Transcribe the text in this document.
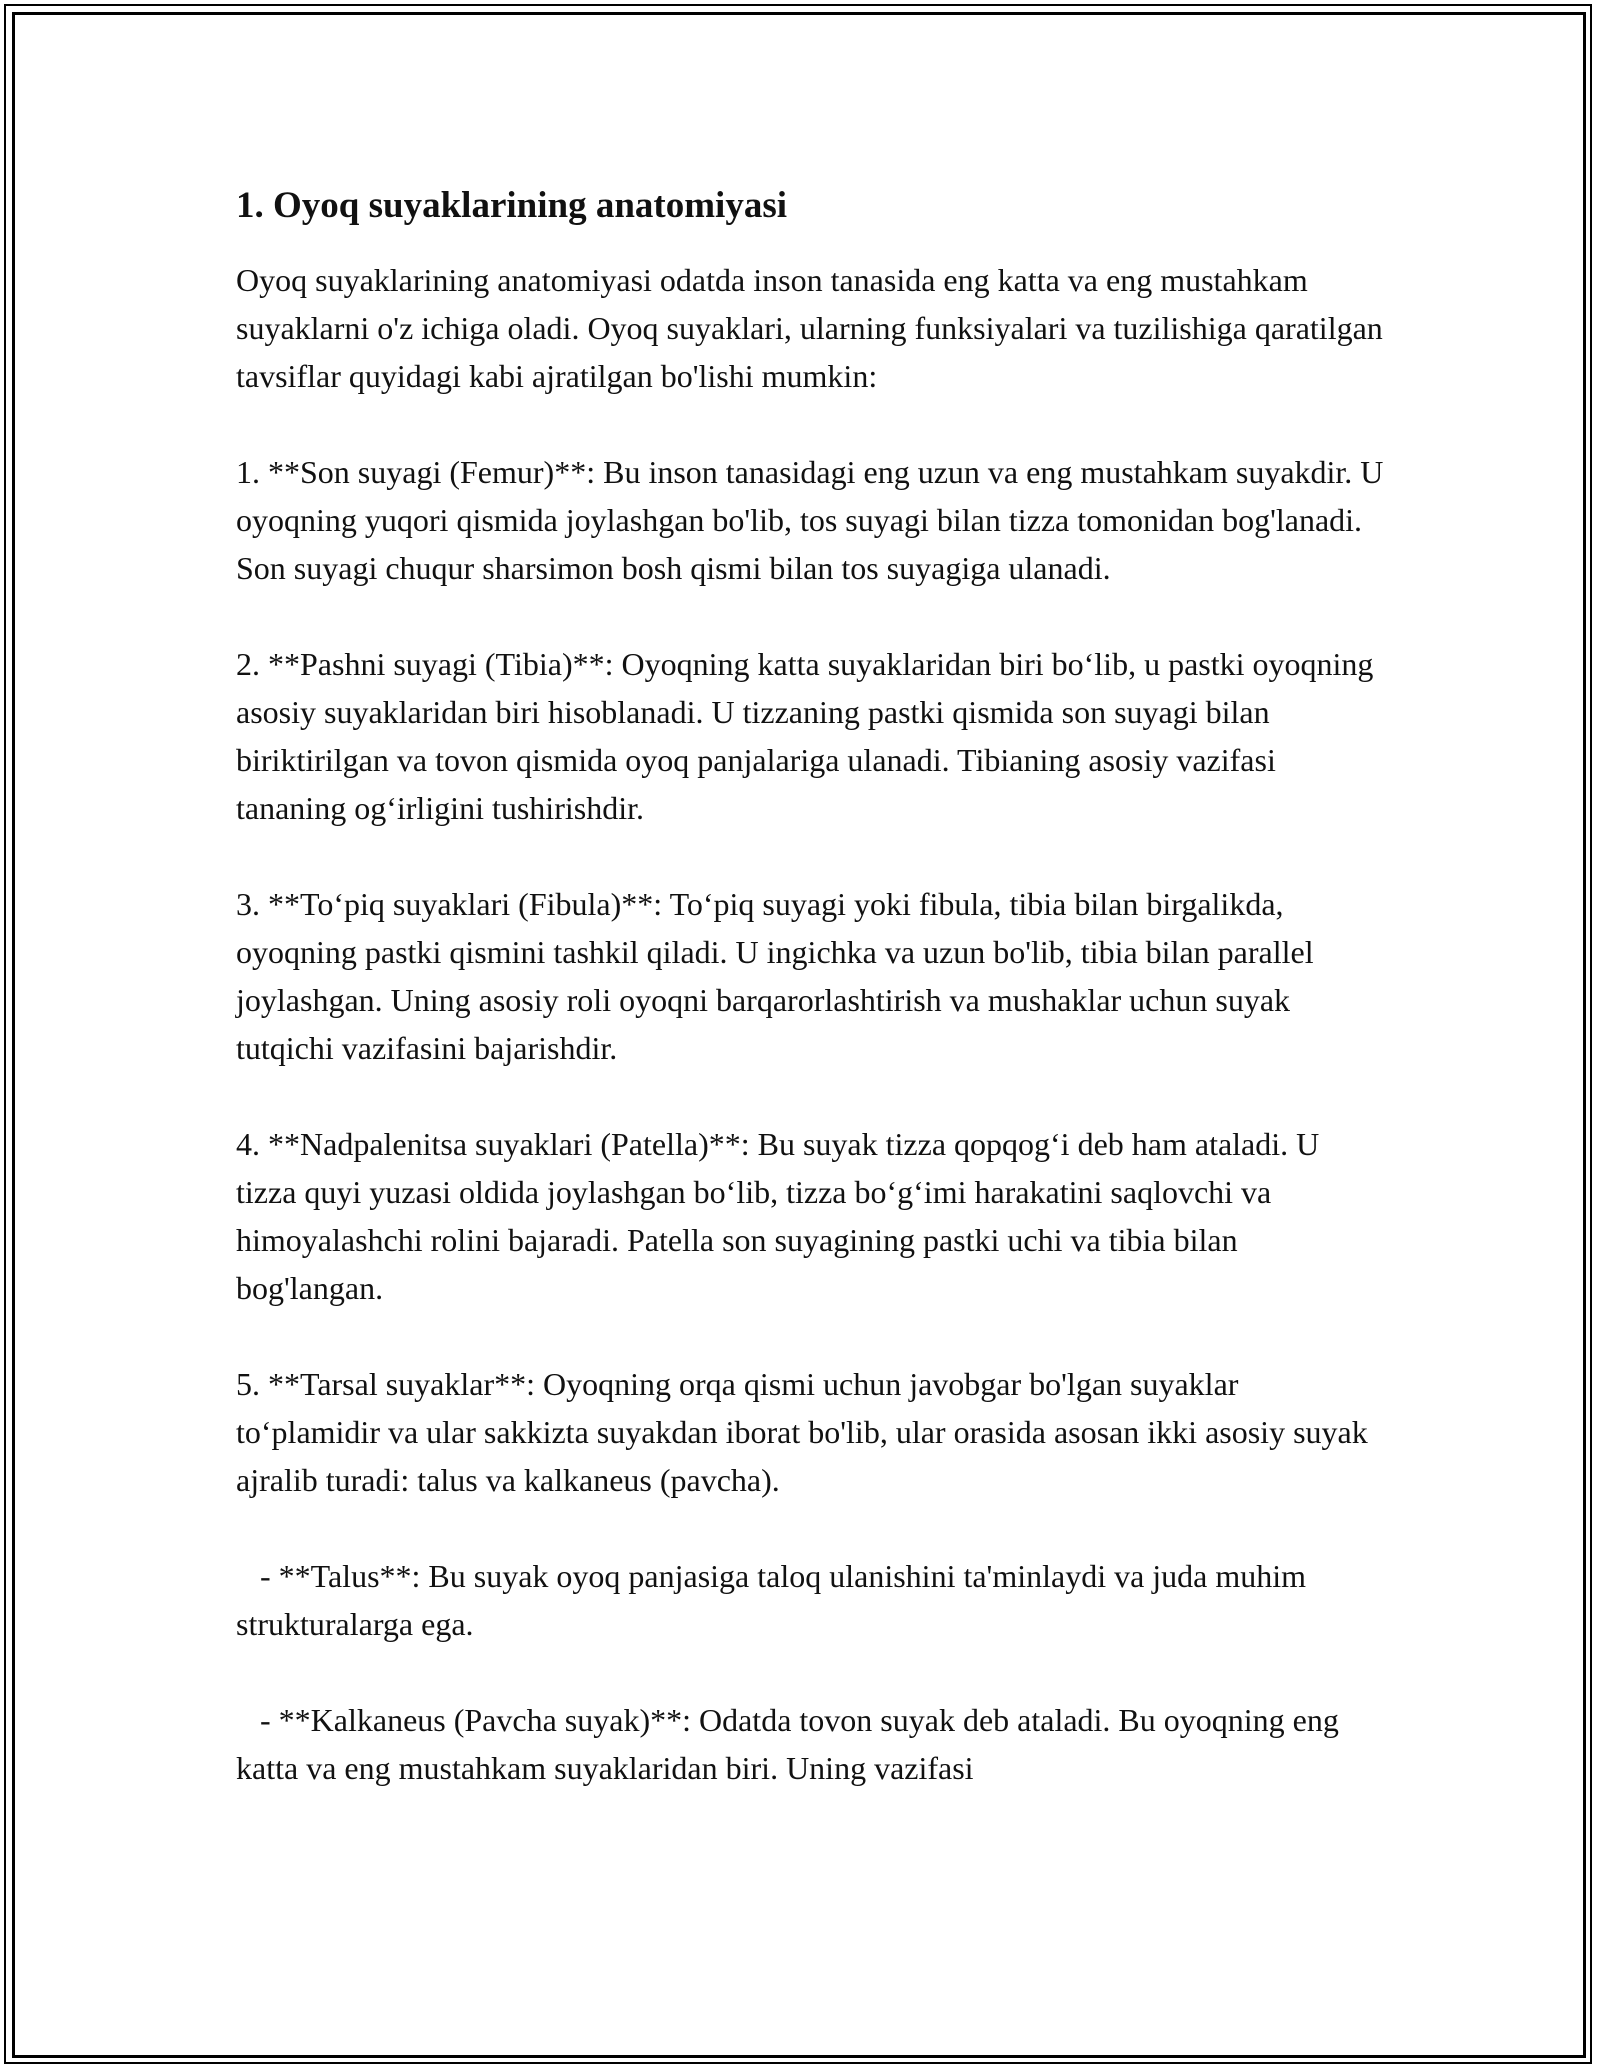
1. Oyoq suyaklarining anatomiyasi

Oyoq suyaklarining anatomiyasi odatda inson tanasida eng katta va eng mustahkam suyaklarni o'z ichiga oladi. Oyoq suyaklari, ularning funksiyalari va tuzilishiga qaratilgan tavsiflar quyidagi kabi ajratilgan bo'lishi mumkin:

1. **Son suyagi (Femur)**: Bu inson tanasidagi eng uzun va eng mustahkam suyakdir. U oyoqning yuqori qismida joylashgan bo'lib, tos suyagi bilan tizza tomonidan bog'lanadi. Son suyagi chuqur sharsimon bosh qismi bilan tos suyagiga ulanadi.

2. **Pashni suyagi (Tibia)**: Oyoqning katta suyaklaridan biri bo‘lib, u pastki oyoqning asosiy suyaklaridan biri hisoblanadi. U tizzaning pastki qismida son suyagi bilan biriktirilgan va tovon qismida oyoq panjalariga ulanadi. Tibianing asosiy vazifasi tananing og‘irligini tushirishdir.

3. **To‘piq suyaklari (Fibula)**: To‘piq suyagi yoki fibula, tibia bilan birgalikda, oyoqning pastki qismini tashkil qiladi. U ingichka va uzun bo'lib, tibia bilan parallel joylashgan. Uning asosiy roli oyoqni barqarorlashtirish va mushaklar uchun suyak tutqichi vazifasini bajarishdir.

4. **Nadpalenitsa suyaklari (Patella)**: Bu suyak tizza qopqog‘i deb ham ataladi. U tizza quyi yuzasi oldida joylashgan bo‘lib, tizza bo‘g‘imi harakatini saqlovchi va himoyalashchi rolini bajaradi. Patella son suyagining pastki uchi va tibia bilan bog'langan.

5. **Tarsal suyaklar**: Oyoqning orqa qismi uchun javobgar bo'lgan suyaklar to‘plamidir va ular sakkizta suyakdan iborat bo'lib, ular orasida asosan ikki asosiy suyak ajralib turadi: talus va kalkaneus (pavcha).

- **Talus**: Bu suyak oyoq panjasiga taloq ulanishini ta'minlaydi va juda muhim strukturalarga ega.

- **Kalkaneus (Pavcha suyak)**: Odatda tovon suyak deb ataladi. Bu oyoqning eng katta va eng mustahkam suyaklaridan biri. Uning vazifasi
